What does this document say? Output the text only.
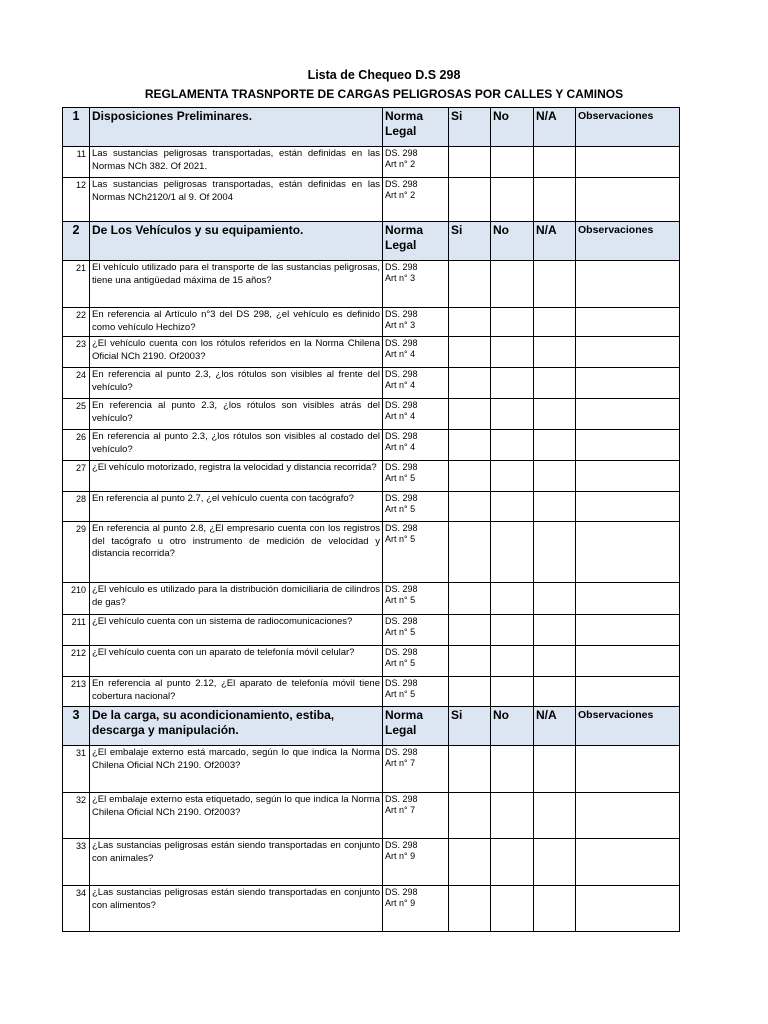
Lista de Chequeo D.S 298
REGLAMENTA TRASNPORTE DE CARGAS PELIGROSAS POR CALLES Y CAMINOS
1	Disposiciones Preliminares.	Norma Legal	Si	No	N/A	Observaciones
11	Las sustancias peligrosas transportadas, están definidas en las Normas NCh 382. Of 2021.	DS. 298
Art n° 2				

12	Las sustancias peligrosas transportadas, están definidas en las Normas NCh2120/1 al 9. Of 2004	DS. 298
Art n° 2				

2	De Los Vehículos y su equipamiento.	Norma Legal	Si	No	N/A	Observaciones
21	El vehículo utilizado para el transporte de las sustancias peligrosas, tiene una antigüedad máxima de 15 años?	DS. 298
Art n° 3				

22	En referencia al Artículo n°3 del DS 298, ¿el vehículo es definido como vehículo Hechizo?	DS. 298
Art n° 3				

23	¿El vehículo cuenta con los rótulos referidos en la Norma Chilena Oficial NCh 2190. Of2003?	DS. 298
Art n° 4				

24	En referencia al punto 2.3, ¿los rótulos son visibles al frente del vehículo?	DS. 298
Art n° 4				

25	En referencia al punto 2.3, ¿los rótulos son visibles atrás del vehículo?	DS. 298
Art n° 4				

26	En referencia al punto 2.3, ¿los rótulos son visibles al costado del vehículo?	DS. 298
Art n° 4				

27	¿El vehículo motorizado, registra la velocidad y distancia recorrida?	DS. 298
Art n° 5				

28	En referencia al punto 2.7, ¿el vehículo cuenta con tacógrafo?	DS. 298
Art n° 5				

29	En referencia al punto 2.8, ¿El empresario cuenta con los registros del tacógrafo u otro instrumento de medición de velocidad y distancia recorrida?	DS. 298
Art n° 5				

210	¿El vehículo es utilizado para la distribución domiciliaria de cilindros de gas?	DS. 298
Art n° 5				

211	¿El vehículo cuenta con un sistema de radiocomunicaciones?	DS. 298
Art n° 5				

212	¿El vehículo cuenta con un aparato de telefonía móvil celular?	DS. 298
Art n° 5				

213	En referencia al punto 2.12, ¿El aparato de telefonía móvil tiene cobertura nacional?	DS. 298
Art n° 5				

3	De la carga, su acondicionamiento, estiba, descarga y manipulación.	Norma Legal	Si	No	N/A	Observaciones
31	¿El embalaje externo está marcado, según lo que indica la Norma Chilena Oficial NCh 2190. Of2003?	DS. 298
Art n° 7				

32	¿El embalaje externo esta etiquetado, según lo que indica la Norma Chilena Oficial NCh 2190. Of2003?	DS. 298
Art n° 7				

33	¿Las sustancias peligrosas están siendo transportadas en conjunto con animales?	DS. 298
Art n° 9				

34	¿Las sustancias peligrosas están siendo transportadas en conjunto con alimentos?	DS. 298
Art n° 9				
